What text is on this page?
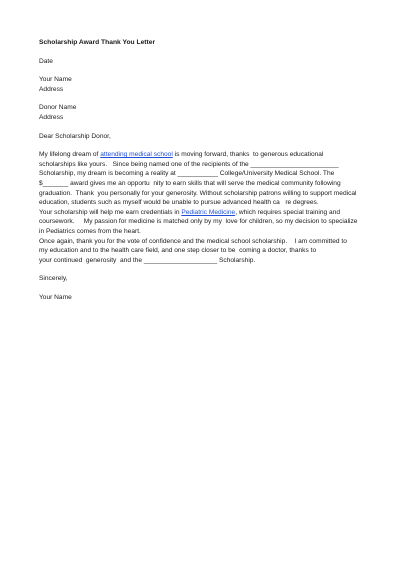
Scholarship Award Thank You Letter
Date
Your Name
Address
Donor Name
Address
Dear Scholarship Donor,
My lifelong dream of attending medical school is moving forward, thanks  to generous educational
scholarships like yours.   Since being named one of the recipients of the ________________________
Scholarship, my dream is becoming a reality at ___________ College/University Medical School. The
$_______ award gives me an opportu  nity to earn skills that will serve the medical community following
graduation.  Thank  you personally for your generosity. Without scholarship patrons willing to support medical
education, students such as myself would be unable to pursue advanced health ca   re degrees.
Your scholarship will help me earn credentials in Pediatric Medicine, which requires special training and
coursework.     My passion for medicine is matched only by my  love for children, so my decision to specialize
in Pediatrics comes from the heart.
Once again, thank you for the vote of confidence and the medical school scholarship.    I am committed to
my education and to the health care field, and one step closer to be  coming a doctor, thanks to
your continued  generosity  and the ____________________ Scholarship.
Sincerely,
Your Name
